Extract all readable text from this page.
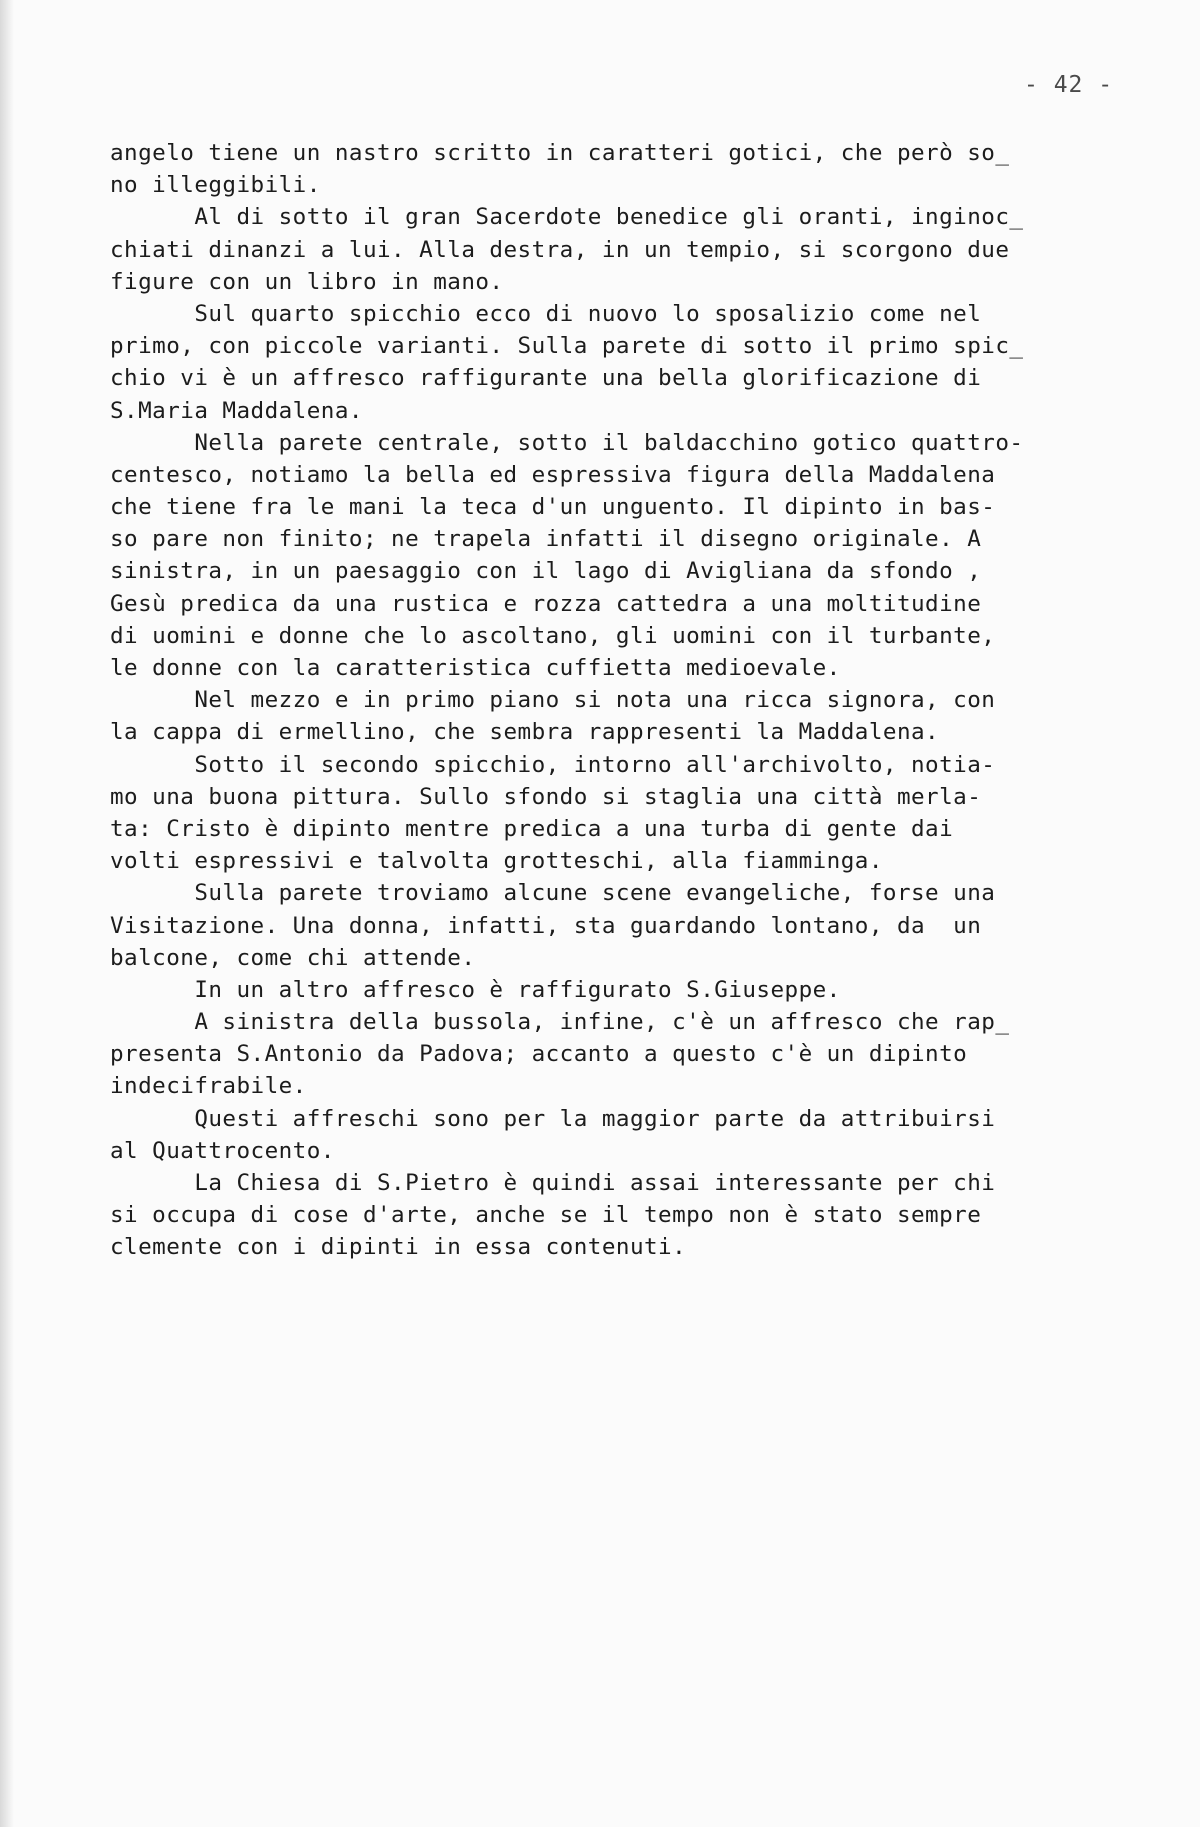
- 42 -
angelo tiene un nastro scritto in caratteri gotici, che però so_
no illeggibili.
Al di sotto il gran Sacerdote benedice gli oranti, inginoc_
chiati dinanzi a lui. Alla destra, in un tempio, si scorgono due
figure con un libro in mano.
Sul quarto spicchio ecco di nuovo lo sposalizio come nel
primo, con piccole varianti. Sulla parete di sotto il primo spic_
chio vi è un affresco raffigurante una bella glorificazione di
S.Maria Maddalena.
Nella parete centrale, sotto il baldacchino gotico quattro-
centesco, notiamo la bella ed espressiva figura della Maddalena
che tiene fra le mani la teca d'un unguento. Il dipinto in bas-
so pare non finito; ne trapela infatti il disegno originale. A
sinistra, in un paesaggio con il lago di Avigliana da sfondo ,
Gesù predica da una rustica e rozza cattedra a una moltitudine
di uomini e donne che lo ascoltano, gli uomini con il turbante,
le donne con la caratteristica cuffietta medioevale.
Nel mezzo e in primo piano si nota una ricca signora, con
la cappa di ermellino, che sembra rappresenti la Maddalena.
Sotto il secondo spicchio, intorno all'archivolto, notia-
mo una buona pittura. Sullo sfondo si staglia una città merla-
ta: Cristo è dipinto mentre predica a una turba di gente dai
volti espressivi e talvolta grotteschi, alla fiamminga.
Sulla parete troviamo alcune scene evangeliche, forse una
Visitazione. Una donna, infatti, sta guardando lontano, da  un
balcone, come chi attende.
In un altro affresco è raffigurato S.Giuseppe.
A sinistra della bussola, infine, c'è un affresco che rap_
presenta S.Antonio da Padova; accanto a questo c'è un dipinto
indecifrabile.
Questi affreschi sono per la maggior parte da attribuirsi
al Quattrocento.
La Chiesa di S.Pietro è quindi assai interessante per chi
si occupa di cose d'arte, anche se il tempo non è stato sempre
clemente con i dipinti in essa contenuti.
